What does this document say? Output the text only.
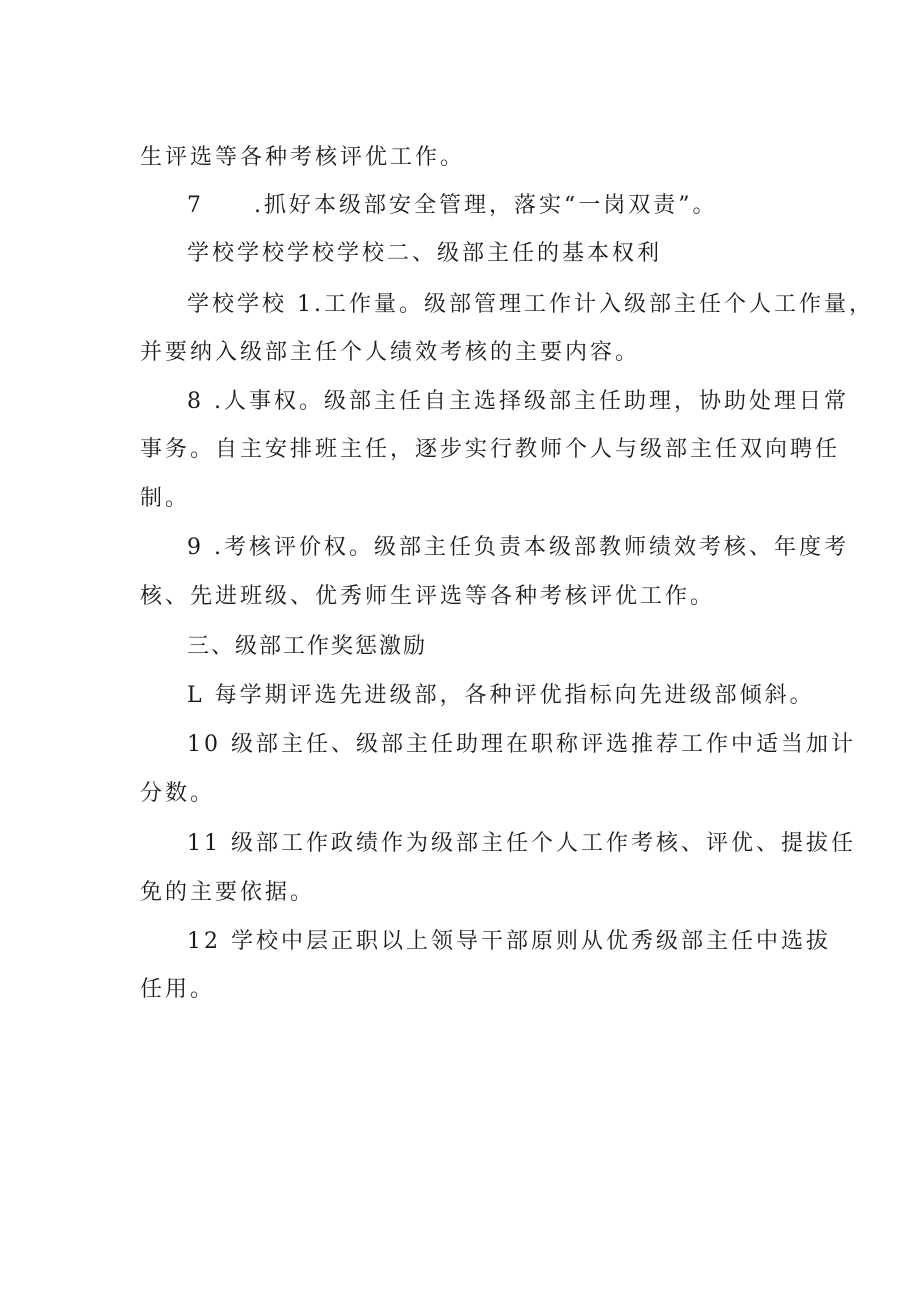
生评选等各种考核评优工作。
7　　.抓好本级部安全管理，落实“一岗双责”。
学校学校学校学校二、级部主任的基本权利
学校学校 1.工作量。级部管理工作计入级部主任个人工作量，
并要纳入级部主任个人绩效考核的主要内容。
8 .人事权。级部主任自主选择级部主任助理，协助处理日常
事务。自主安排班主任，逐步实行教师个人与级部主任双向聘任
制。
9 .考核评价权。级部主任负责本级部教师绩效考核、年度考
核、先进班级、优秀师生评选等各种考核评优工作。
三、级部工作奖惩激励
L 每学期评选先进级部，各种评优指标向先进级部倾斜。
10 级部主任、级部主任助理在职称评选推荐工作中适当加计
分数。
11 级部工作政绩作为级部主任个人工作考核、评优、提拔任
免的主要依据。
12 学校中层正职以上领导干部原则从优秀级部主任中选拔
任用。
